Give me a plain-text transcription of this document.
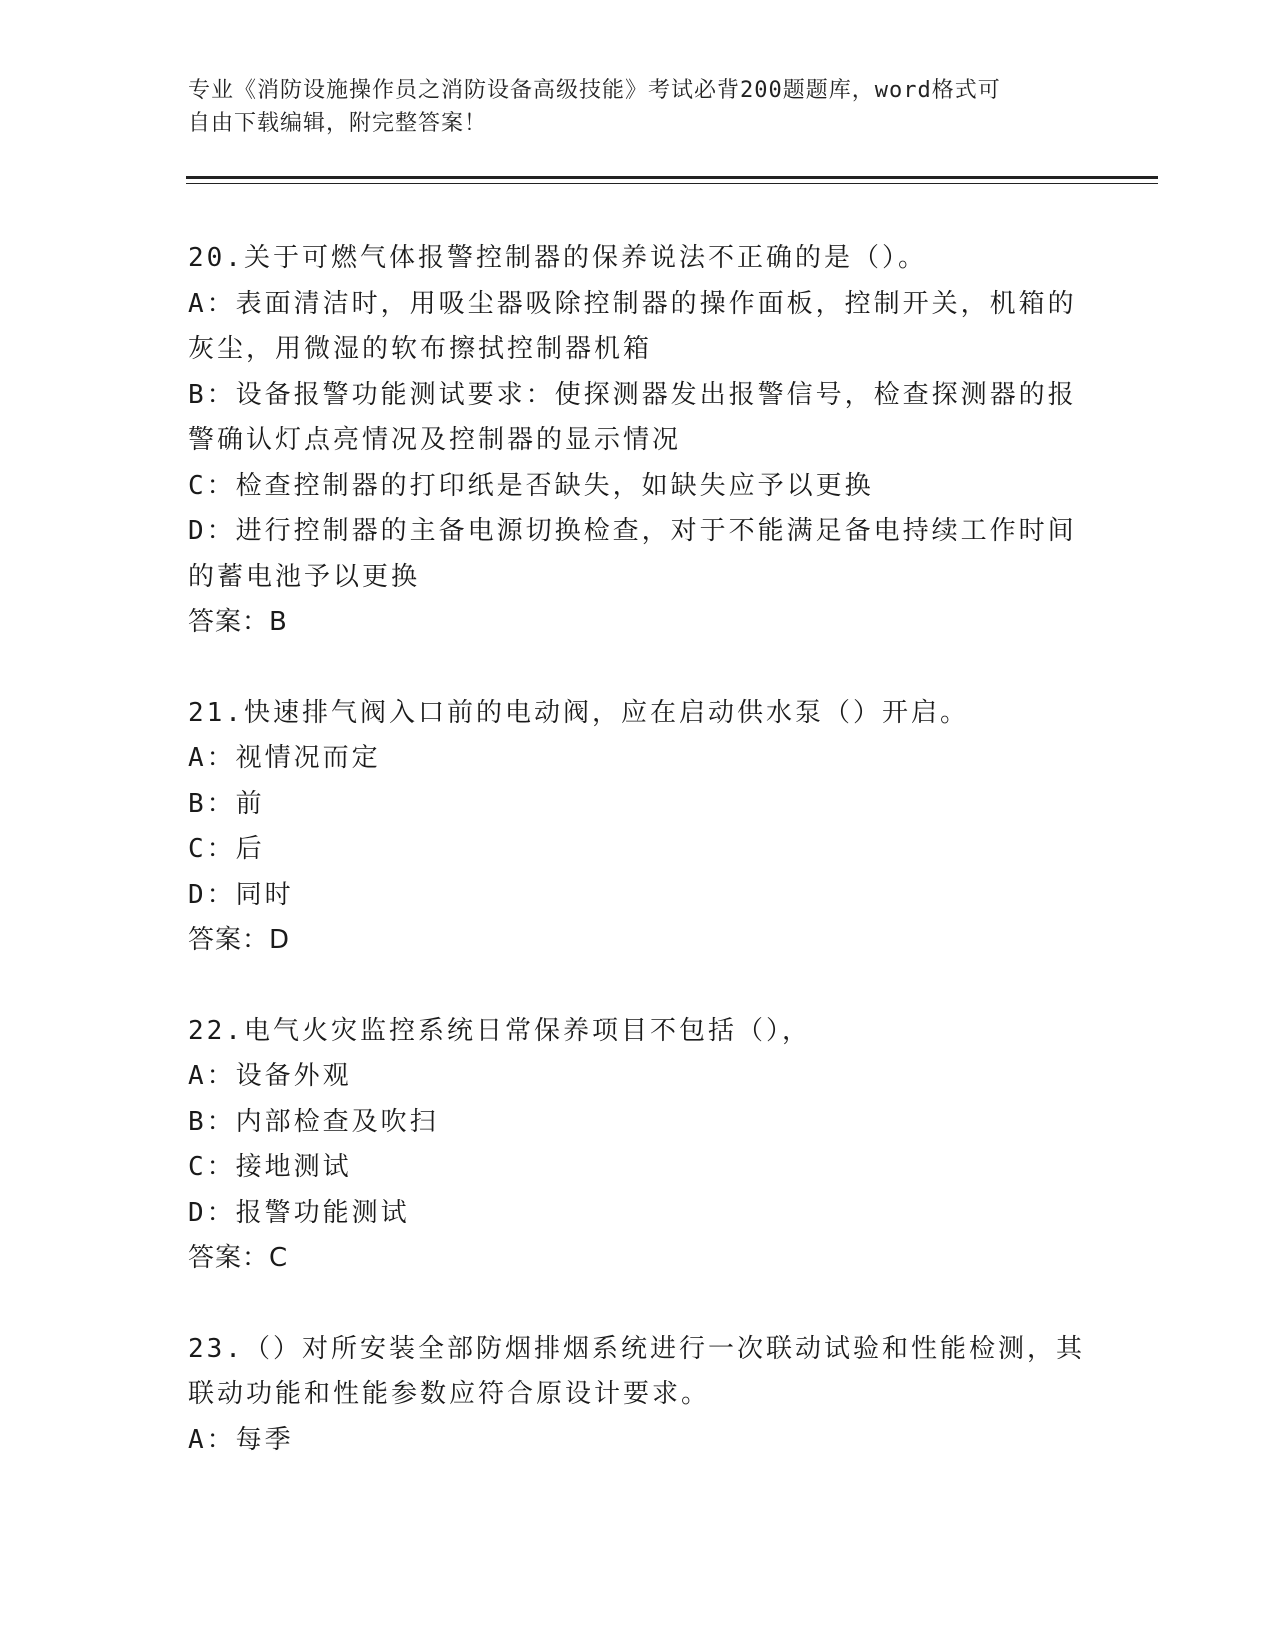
专业《消防设施操作员之消防设备高级技能》考试必背200题题库，word格式可
自由下载编辑，附完整答案！

20.关于可燃气体报警控制器的保养说法不正确的是（）。

A：表面清洁时，用吸尘器吸除控制器的操作面板，控制开关，机箱的灰尘，用微湿的软布擦拭控制器机箱

B：设备报警功能测试要求：使探测器发出报警信号，检查探测器的报警确认灯点亮情况及控制器的显示情况

C：检查控制器的打印纸是否缺失，如缺失应予以更换

D：进行控制器的主备电源切换检查，对于不能满足备电持续工作时间的蓄电池予以更换

答案：B

21.快速排气阀入口前的电动阀，应在启动供水泵（）开启。

A：视情况而定

B：前

C：后

D：同时

答案：D

22.电气火灾监控系统日常保养项目不包括（），

A：设备外观

B：内部检查及吹扫

C：接地测试

D：报警功能测试

答案：C

23.（）对所安装全部防烟排烟系统进行一次联动试验和性能检测，其联动功能和性能参数应符合原设计要求。

A：每季
